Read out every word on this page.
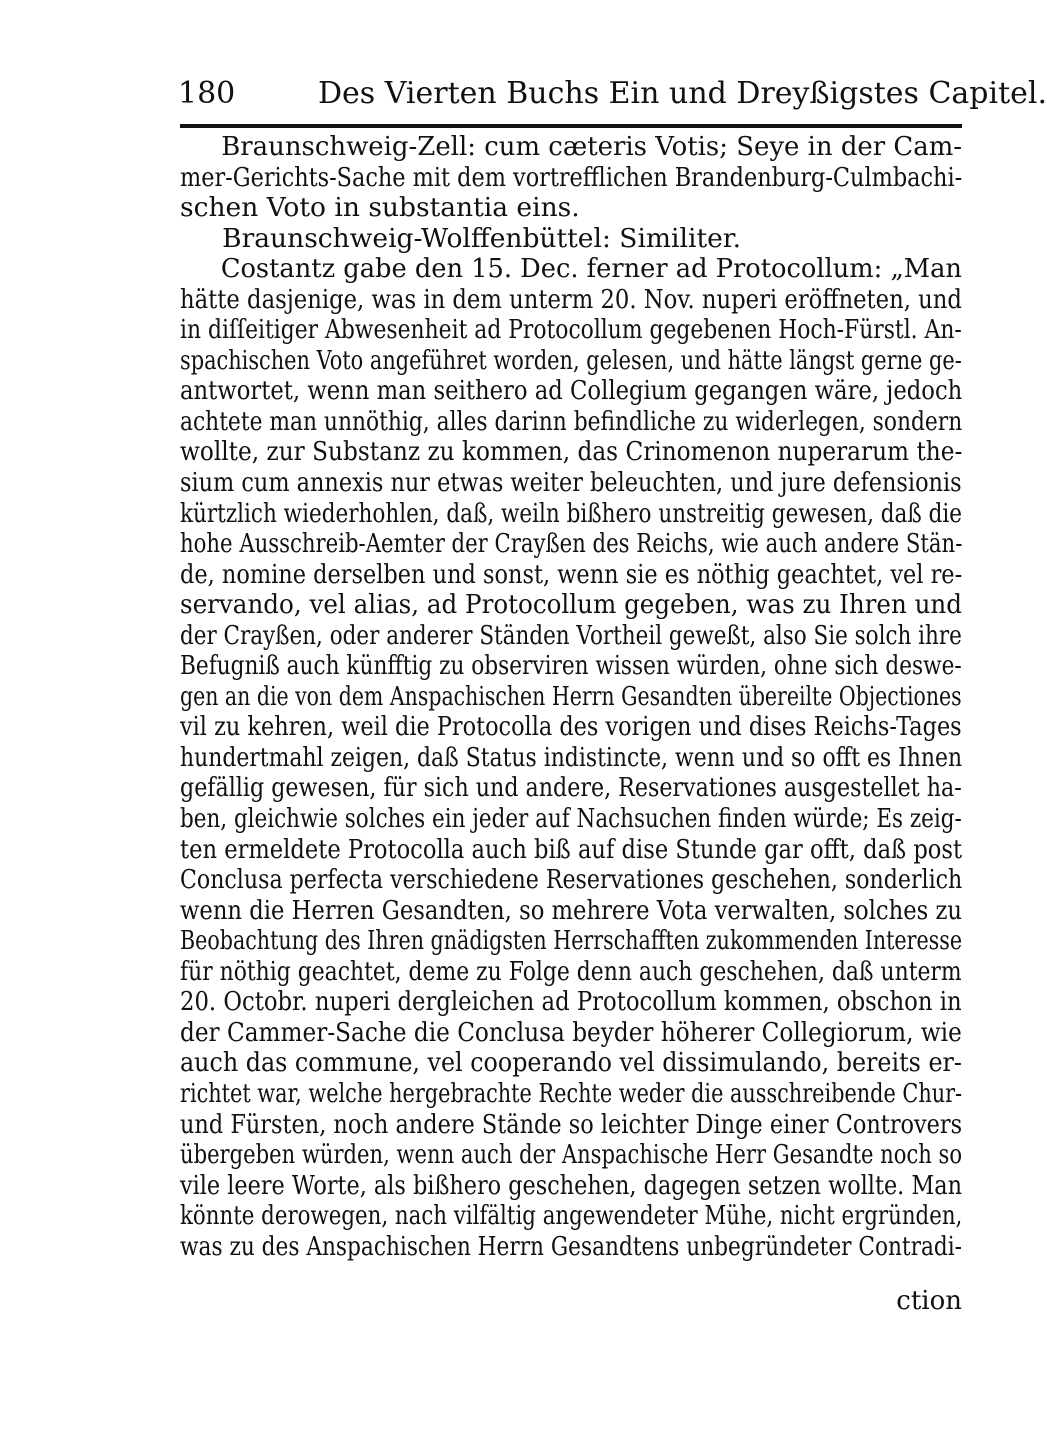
180	Des Vierten Buchs Ein und Dreyßigstes Capitel.
Braunschweig-Zell: cum cæteris Votis; Seye in der Cam-
mer-Gerichts-Sache mit dem vortrefflichen Brandenburg-Culmbachi-
schen Voto in substantia eins.
Braunschweig-Wolffenbüttel: Similiter.
Costantz gabe den 15. Dec. ferner ad Protocollum: „Man
hätte dasjenige, was in dem unterm 20. Nov. nuperi eröffneten, und
in diſſeitiger Abwesenheit ad Protocollum gegebenen Hoch-Fürstl. An-
spachischen Voto angeführet worden, gelesen, und hätte längst gerne ge-
antwortet, wenn man seithero ad Collegium gegangen wäre, jedoch
achtete man unnöthig, alles darinn befindliche zu widerlegen, sondern
wollte, zur Substanz zu kommen, das Crinomenon nuperarum the-
sium cum annexis nur etwas weiter beleuchten, und jure defensionis
kürtzlich wiederhohlen, daß, weiln bißhero unstreitig gewesen, daß die
hohe Ausschreib-Aemter der Crayßen des Reichs, wie auch andere Stän-
de, nomine derselben und sonst, wenn sie es nöthig geachtet, vel re-
servando, vel alias, ad Protocollum gegeben, was zu Ihren und
der Crayßen, oder anderer Ständen Vortheil geweßt, also Sie solch ihre
Befugniß auch künfftig zu observiren wissen würden, ohne sich deswe-
gen an die von dem Anspachischen Herrn Gesandten übereilte Objectiones
vil zu kehren, weil die Protocolla des vorigen und dises Reichs-Tages
hundertmahl zeigen, daß Status indistincte, wenn und so offt es Ihnen
gefällig gewesen, für sich und andere, Reservationes ausgestellet ha-
ben, gleichwie solches ein jeder auf Nachsuchen finden würde; Es zeig-
ten ermeldete Protocolla auch biß auf dise Stunde gar offt, daß post
Conclusa perfecta verschiedene Reservationes geschehen, sonderlich
wenn die Herren Gesandten, so mehrere Vota verwalten, solches zu
Beobachtung des Ihren gnädigsten Herrschafften zukommenden Interesse
für nöthig geachtet, deme zu Folge denn auch geschehen, daß unterm
20. Octobr. nuperi dergleichen ad Protocollum kommen, obschon in
der Cammer-Sache die Conclusa beyder höherer Collegiorum, wie
auch das commune, vel cooperando vel dissimulando, bereits er-
richtet war, welche hergebrachte Rechte weder die ausschreibende Chur-
und Fürsten, noch andere Stände so leichter Dinge einer Controvers
übergeben würden, wenn auch der Anspachische Herr Gesandte noch so
vile leere Worte, als bißhero geschehen, dagegen setzen wollte. Man
könnte derowegen, nach vilfältig angewendeter Mühe, nicht ergründen,
was zu des Anspachischen Herrn Gesandtens unbegründeter Contradi-
ction
